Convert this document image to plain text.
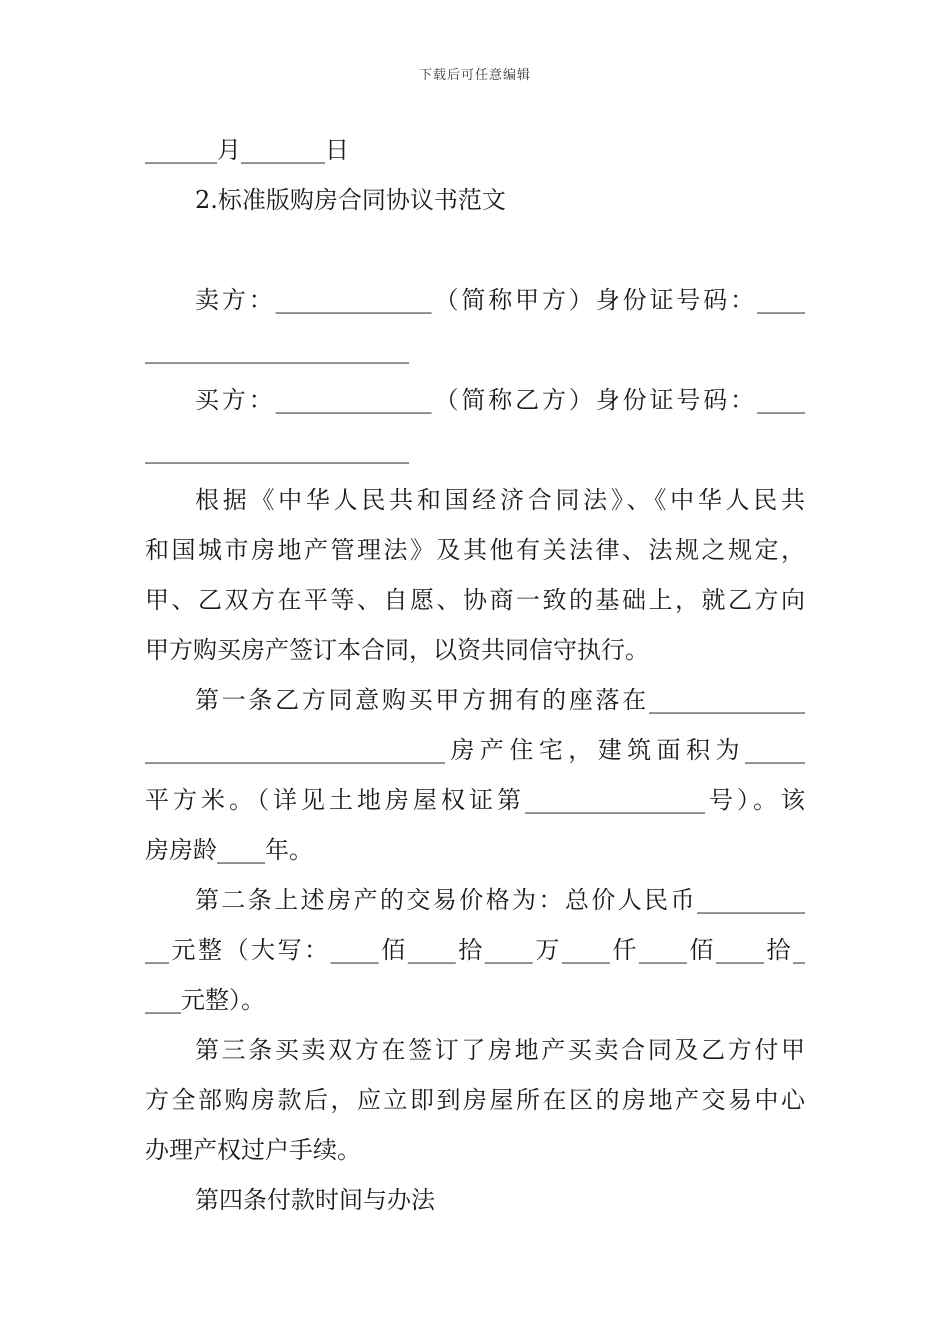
下载后可任意编辑
______月_______日
2.标准版购房合同协议书范文
卖方：_____________（简称甲方）身份证号码：____
______________________
买方：_____________（简称乙方）身份证号码：____
______________________
根据《中华人民共和国经济合同法》、《中华人民共
和国城市房地产管理法》及其他有关法律、法规之规定，
甲、乙双方在平等、自愿、协商一致的基础上，就乙方向
甲方购买房产签订本合同，以资共同信守执行。
第一条乙方同意购买甲方拥有的座落在_____________
_________________________房产住宅，建筑面积为_____
平方米。（详见土地房屋权证第_______________号）。该
房房龄____年。
第二条上述房产的交易价格为：总价人民币_________
__元整（大写：____佰____拾____万____仟____佰____拾_
___元整）。
第三条买卖双方在签订了房地产买卖合同及乙方付甲
方全部购房款后，应立即到房屋所在区的房地产交易中心
办理产权过户手续。
第四条付款时间与办法
